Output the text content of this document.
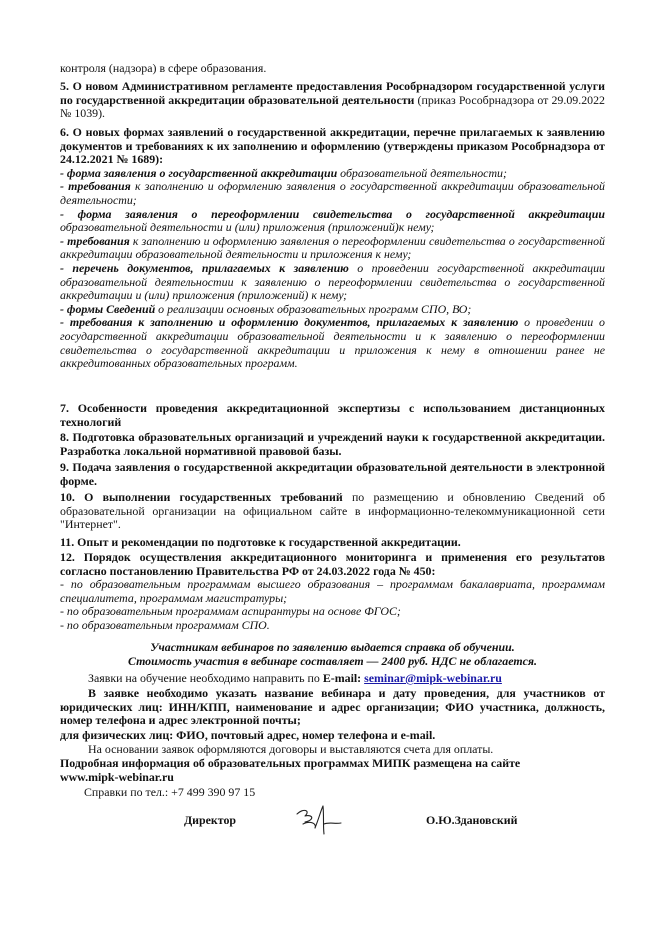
контроля (надзора) в сфере образования.

5. О новом Административном регламенте предоставления Рособрнадзором государственной услуги по государственной аккредитации образовательной деятельности (приказ Рособрнадзора от 29.09.2022 № 1039).

6. О новых формах заявлений о государственной аккредитации, перечне прилагаемых к заявлению документов и требованиях к их заполнению и оформлению (утверждены приказом Рособрнадзора от 24.12.2021 № 1689):

- форма заявления о государственной аккредитации образовательной деятельности;

- требования к заполнению и оформлению заявления о государственной аккредитации образовательной деятельности;

- форма заявления о переоформлении свидетельства о государственной аккредитации образовательной деятельности и (или) приложения (приложений)к нему;

- требования к заполнению и оформлению заявления о переоформлении свидетельства о государственной аккредитации образовательной деятельности и приложения к нему;

- перечень документов, прилагаемых к заявлению о проведении государственной аккредитации образовательной деятельностии к заявлению о переоформлении свидетельства о государственной аккредитации и (или) приложения (приложений) к нему;

- формы Сведений о реализации основных образовательных программ СПО, ВО;

- требования к заполнению и оформлению документов, прилагаемых к заявлению о проведении о государственной аккредитации образовательной деятельности и к заявлению о переоформлении свидетельства о государственной аккредитации и приложения к нему в отношении ранее не аккредитованных образовательных программ.

7. Особенности проведения аккредитационной экспертизы с использованием дистанционных технологий
8. Подготовка образовательных организаций и учреждений науки к государственной аккредитации. Разработка локальной нормативной правовой базы.
9. Подача заявления о государственной аккредитации образовательной деятельности в электронной форме.

10. О выполнении государственных требований по размещению и обновлению Сведений об образовательной организации на официальном сайте в информационно-телекоммуникационной сети "Интернет".

11. Опыт и рекомендации по подготовке к государственной аккредитации.

12. Порядок осуществления аккредитационного мониторинга и применения его результатов согласно постановлению Правительства РФ от 24.03.2022 года № 450:

- по образовательным программам высшего образования – программам бакалавриата, программам специалитета, программам магистратуры;

- по образовательным программам аспирантуры на основе ФГОС;

- по образовательным программам СПО.

Участникам вебинаров по заявлению выдается справка об обучении.

Стоимость участия в вебинаре составляет — 2400 руб. НДС не облагается.

Заявки на обучение необходимо направить по E-mail: seminar@mipk-webinar.ru

В заявке необходимо указать название вебинара и дату проведения, для участников от юридических лиц: ИНН/КПП, наименование и адрес организации; ФИО участника, должность, номер телефона и адрес электронной почты;

для физических лиц: ФИО, почтовый адрес, номер телефона и e-mail.
На основании заявок оформляются договоры и выставляются счета для оплаты.
Подробная информация об образовательных программах МИПК размещена на сайте
www.mipk-webinar.ru
Справки по тел.: +7 499 390 97 15
Директор	О.Ю.Здановский
